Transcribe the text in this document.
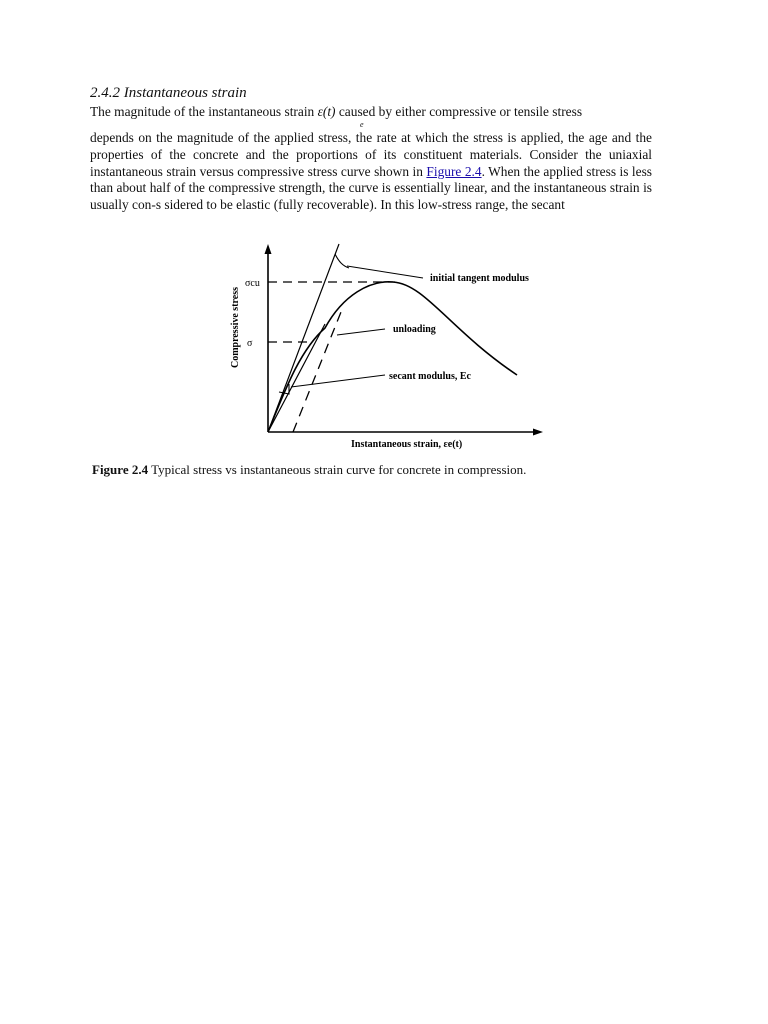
2.4.2 Instantaneous strain
The magnitude of the instantaneous strain ε(t) caused by either compressive or tensile stress
e

depends on the magnitude of the applied stress, the rate at which the stress is applied, the age and the properties of the concrete and the proportions of its constituent materials. Consider the uniaxial instantaneous strain versus compressive stress curve shown in Figure 2.4. When the applied stress is less than about half of the compressive strength, the curve is essentially linear, and the instantaneous strain is usually con-s sidered to be elastic (fully recoverable). In this low-stress range, the secant

initial tangent modulus
unloading
secant modulus, Ec
σcu
σ
Instantaneous strain, εe(t)
Compressive stress
Figure 2.4 Typical stress vs instantaneous strain curve for concrete in compression.
